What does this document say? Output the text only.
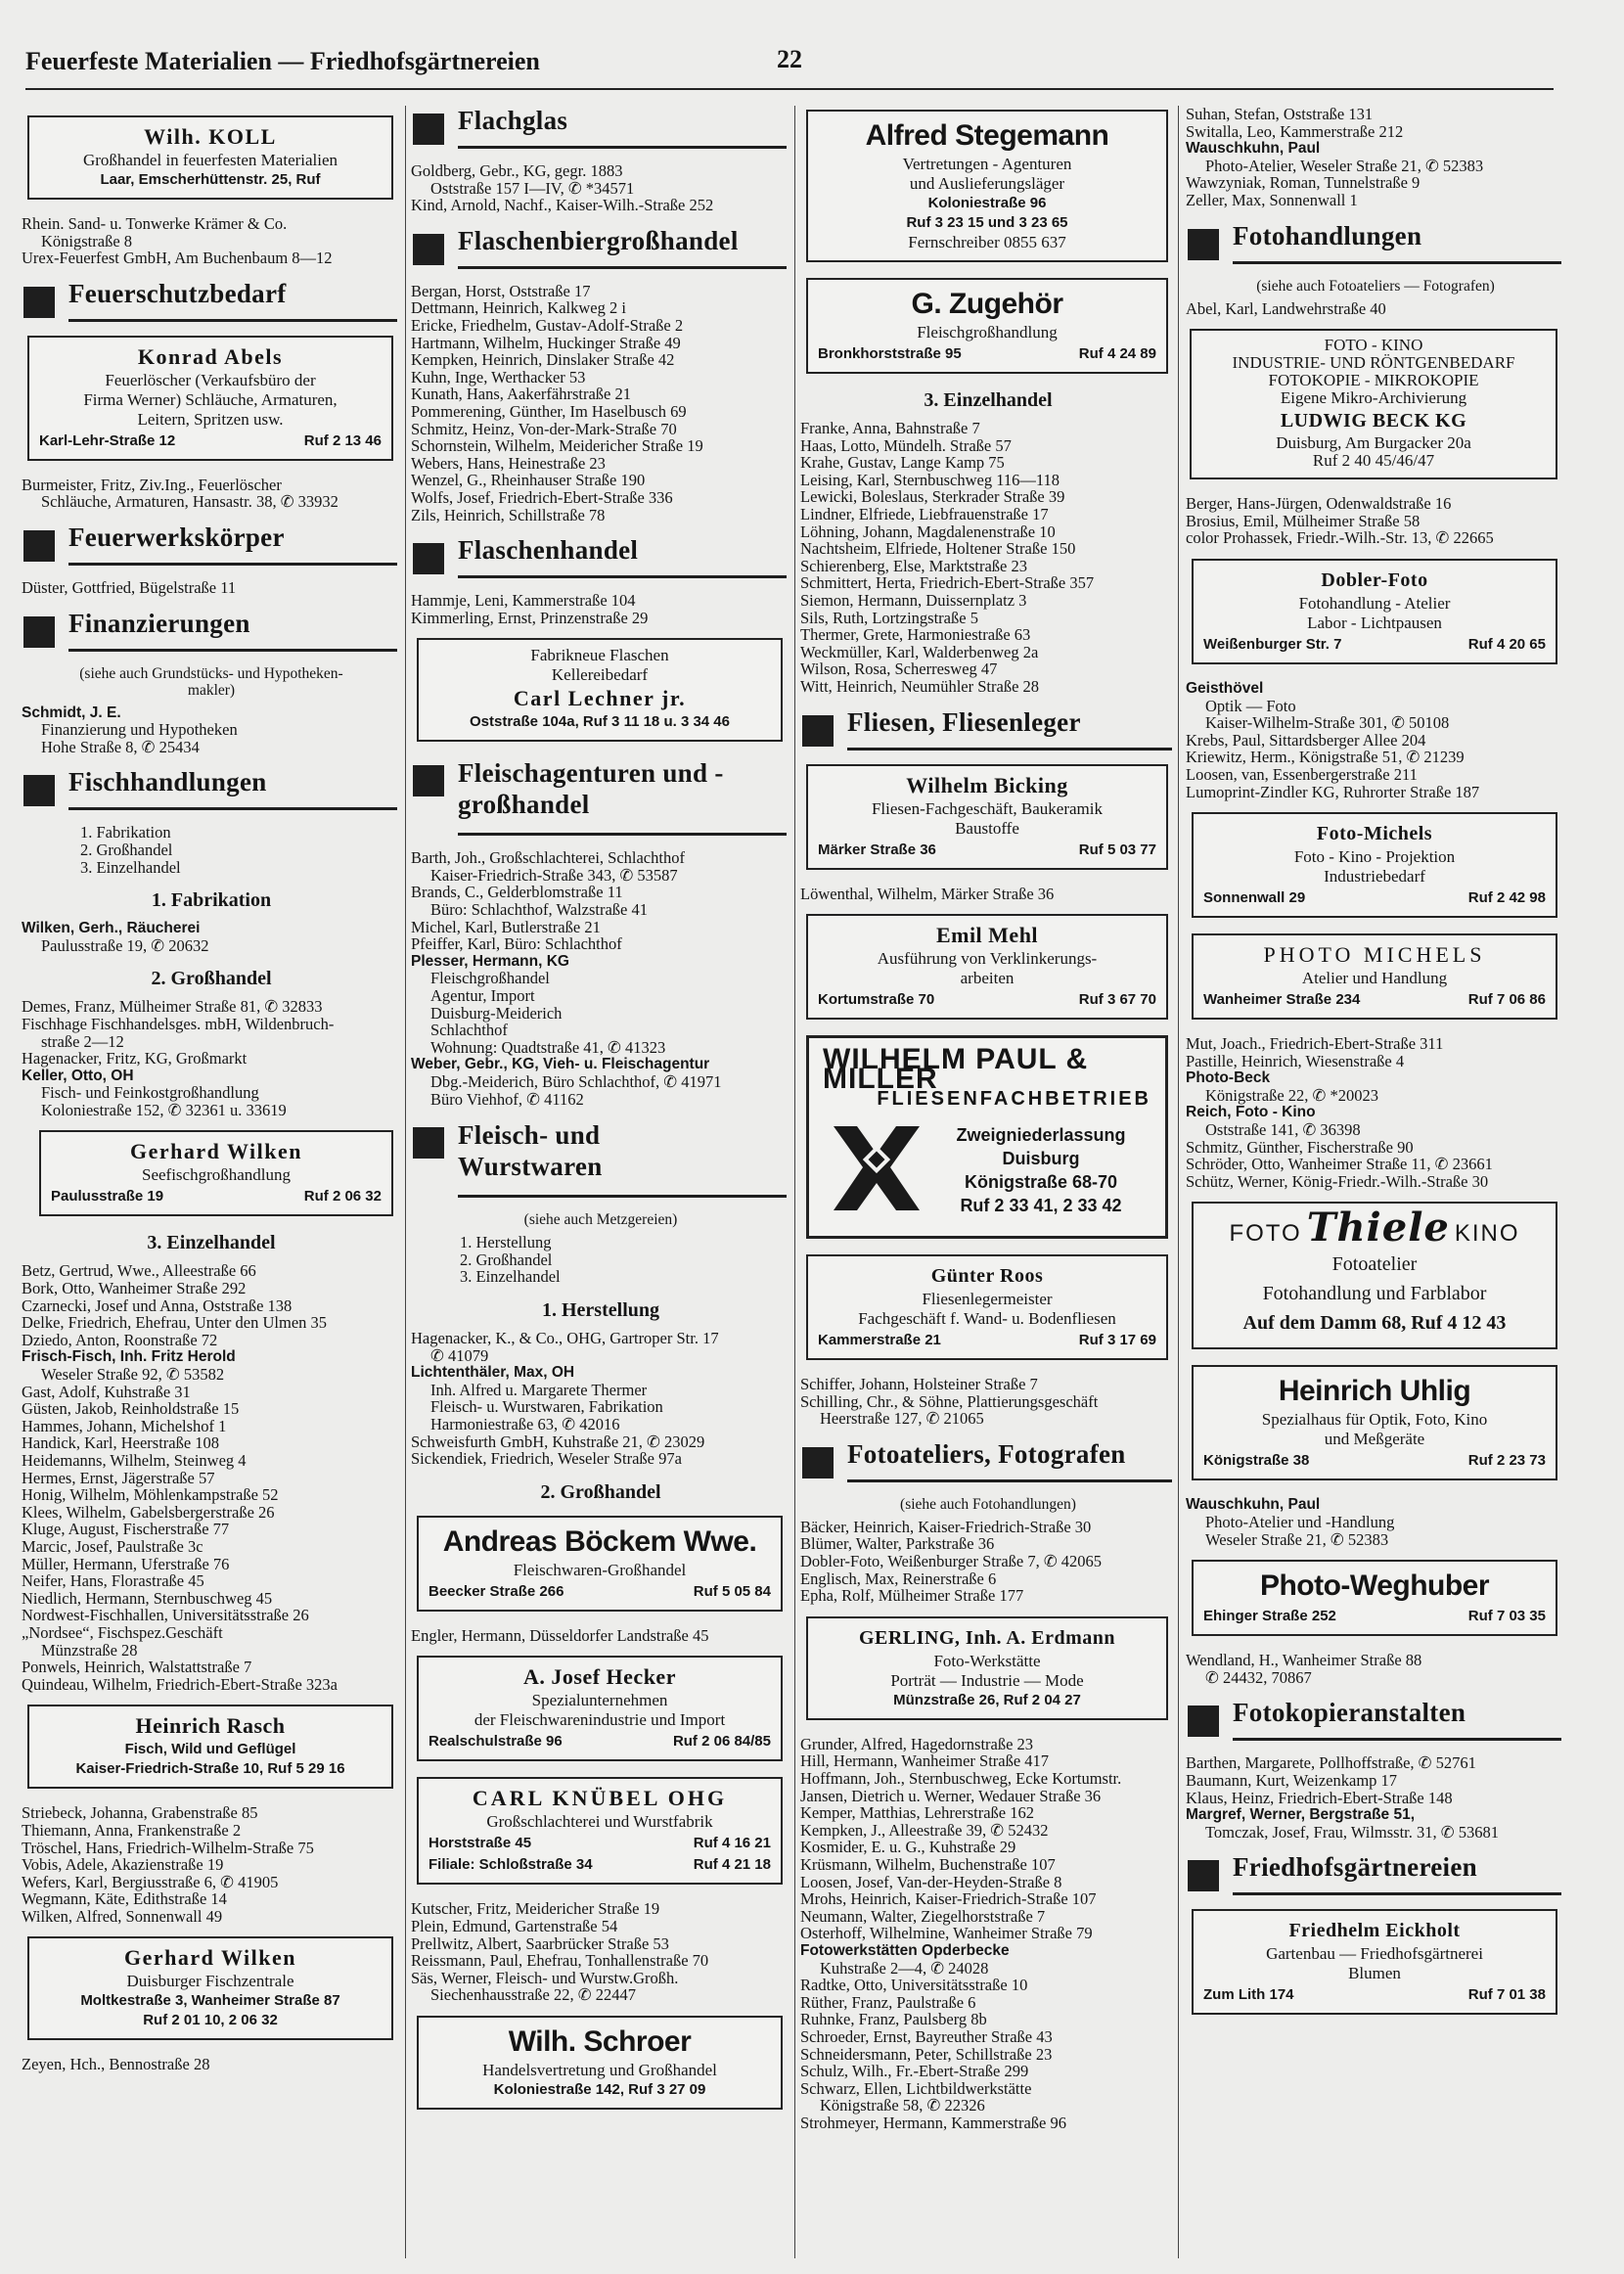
Feuerfeste Materialien — Friedhofsgärtnereien	22
Wilh. KOLL
Großhandel in feuerfesten Materialien
Laar, Emscherhüttenstr. 25, Ruf
Rhein. Sand- u. Tonwerke Krämer & Co.
Königstraße 8
Urex-Feuerfest GmbH, Am Buchenbaum 8—12
Feuerschutzbedarf
Konrad Abels
Feuerlöscher (Verkaufsbüro der
Firma Werner) Schläuche, Armaturen,
Leitern, Spritzen usw.
Karl-Lehr-Straße 12	Ruf 2 13 46
Burmeister, Fritz, Ziv.Ing., Feuerlöscher
Schläuche, Armaturen, Hansastr. 38, ✆ 33932
Feuerwerkskörper
Düster, Gottfried, Bügelstraße 11
Finanzierungen
(siehe auch Grundstücks- und Hypotheken-
makler)
Schmidt, J. E.
Finanzierung und Hypotheken
Hohe Straße 8, ✆ 25434
Fischhandlungen
1. Fabrikation
2. Großhandel
3. Einzelhandel
1. Fabrikation
Wilken, Gerh., Räucherei
Paulusstraße 19, ✆ 20632
2. Großhandel
Demes, Franz, Mülheimer Straße 81, ✆ 32833
Fischhage Fischhandelsges. mbH, Wildenbruch-
straße 2—12
Hagenacker, Fritz, KG, Großmarkt
Keller, Otto, OH
Fisch- und Feinkostgroßhandlung
Koloniestraße 152, ✆ 32361 u. 33619
Gerhard Wilken
Seefischgroßhandlung
Paulusstraße 19	Ruf 2 06 32
3. Einzelhandel
Betz, Gertrud, Wwe., Alleestraße 66
Bork, Otto, Wanheimer Straße 292
Czarnecki, Josef und Anna, Oststraße 138
Delke, Friedrich, Ehefrau, Unter den Ulmen 35
Dziedo, Anton, Roonstraße 72
Frisch-Fisch, Inh. Fritz Herold
Weseler Straße 92, ✆ 53582
Gast, Adolf, Kuhstraße 31
Güsten, Jakob, Reinholdstraße 15
Hammes, Johann, Michelshof 1
Handick, Karl, Heerstraße 108
Heidemanns, Wilhelm, Steinweg 4
Hermes, Ernst, Jägerstraße 57
Honig, Wilhelm, Möhlenkampstraße 52
Klees, Wilhelm, Gabelsbergerstraße 26
Kluge, August, Fischerstraße 77
Marcic, Josef, Paulstraße 3c
Müller, Hermann, Uferstraße 76
Neifer, Hans, Florastraße 45
Niedlich, Hermann, Sternbuschweg 45
Nordwest-Fischhallen, Universitätsstraße 26
„Nordsee“, Fischspez.Geschäft
Münzstraße 28
Ponwels, Heinrich, Walstattstraße 7
Quindeau, Wilhelm, Friedrich-Ebert-Straße 323a
Heinrich Rasch
Fisch, Wild und Geflügel
Kaiser-Friedrich-Straße 10, Ruf 5 29 16
Striebeck, Johanna, Grabenstraße 85
Thiemann, Anna, Frankenstraße 2
Tröschel, Hans, Friedrich-Wilhelm-Straße 75
Vobis, Adele, Akazienstraße 19
Wefers, Karl, Bergiusstraße 6, ✆ 41905
Wegmann, Käte, Edithstraße 14
Wilken, Alfred, Sonnenwall 49
Gerhard Wilken
Duisburger Fischzentrale
Moltkestraße 3, Wanheimer Straße 87
Ruf 2 01 10, 2 06 32
Zeyen, Hch., Bennostraße 28
Flachglas
Goldberg, Gebr., KG, gegr. 1883
Oststraße 157 I—IV, ✆ *34571
Kind, Arnold, Nachf., Kaiser-Wilh.-Straße 252
Flaschenbiergroßhandel
Bergan, Horst, Oststraße 17
Dettmann, Heinrich, Kalkweg 2 i
Ericke, Friedhelm, Gustav-Adolf-Straße 2
Hartmann, Wilhelm, Huckinger Straße 49
Kempken, Heinrich, Dinslaker Straße 42
Kuhn, Inge, Werthacker 53
Kunath, Hans, Aakerfährstraße 21
Pommerening, Günther, Im Haselbusch 69
Schmitz, Heinz, Von-der-Mark-Straße 70
Schornstein, Wilhelm, Meidericher Straße 19
Webers, Hans, Heinestraße 23
Wenzel, G., Rheinhauser Straße 190
Wolfs, Josef, Friedrich-Ebert-Straße 336
Zils, Heinrich, Schillstraße 78
Flaschenhandel
Hammje, Leni, Kammerstraße 104
Kimmerling, Ernst, Prinzenstraße 29
Fabrikneue Flaschen
Kellereibedarf
Carl Lechner jr.
Oststraße 104a, Ruf 3 11 18 u. 3 34 46
Fleischagenturen und -großhandel
Barth, Joh., Großschlachterei, Schlachthof
Kaiser-Friedrich-Straße 343, ✆ 53587
Brands, C., Gelderblomstraße 11
Büro: Schlachthof, Walzstraße 41
Michel, Karl, Butlerstraße 21
Pfeiffer, Karl, Büro: Schlachthof
Plesser, Hermann, KG
Fleischgroßhandel
Agentur, Import
Duisburg-Meiderich
Schlachthof
Wohnung: Quadtstraße 41, ✆ 41323
Weber, Gebr., KG, Vieh- u. Fleischagentur
Dbg.-Meiderich, Büro Schlachthof, ✆ 41971
Büro Viehhof, ✆ 41162
Fleisch- und Wurstwaren
(siehe auch Metzgereien)
1. Herstellung
2. Großhandel
3. Einzelhandel
1. Herstellung
Hagenacker, K., & Co., OHG, Gartroper Str. 17
✆ 41079
Lichtenthäler, Max, OH
Inh. Alfred u. Margarete Thermer
Fleisch- u. Wurstwaren, Fabrikation
Harmoniestraße 63, ✆ 42016
Schweisfurth GmbH, Kuhstraße 21, ✆ 23029
Sickendiek, Friedrich, Weseler Straße 97a
2. Großhandel
Andreas Böckem Wwe.
Fleischwaren-Großhandel
Beecker Straße 266	Ruf 5 05 84
Engler, Hermann, Düsseldorfer Landstraße 45
A. Josef Hecker
Spezialunternehmen
der Fleischwarenindustrie und Import
Realschulstraße 96	Ruf 2 06 84/85
CARL KNÜBEL OHG
Großschlachterei und Wurstfabrik
Horststraße 45	Ruf 4 16 21
Filiale: Schloßstraße 34	Ruf 4 21 18
Kutscher, Fritz, Meidericher Straße 19
Plein, Edmund, Gartenstraße 54
Prellwitz, Albert, Saarbrücker Straße 53
Reissmann, Paul, Ehefrau, Tonhallenstraße 70
Säs, Werner, Fleisch- und Wurstw.Großh.
Siechenhausstraße 22, ✆ 22447
Wilh. Schroer
Handelsvertretung und Großhandel
Koloniestraße 142, Ruf 3 27 09
Alfred Stegemann
Vertretungen - Agenturen
und Auslieferungsläger
Koloniestraße 96
Ruf 3 23 15 und 3 23 65
Fernschreiber 0855 637
G. Zugehör
Fleischgroßhandlung
Bronkhorststraße 95	Ruf 4 24 89
3. Einzelhandel
Franke, Anna, Bahnstraße 7
Haas, Lotto, Mündelh. Straße 57
Krahe, Gustav, Lange Kamp 75
Leising, Karl, Sternbuschweg 116—118
Lewicki, Boleslaus, Sterkrader Straße 39
Lindner, Elfriede, Liebfrauenstraße 17
Löhning, Johann, Magdalenenstraße 10
Nachtsheim, Elfriede, Holtener Straße 150
Schierenberg, Else, Marktstraße 23
Schmittert, Herta, Friedrich-Ebert-Straße 357
Siemon, Hermann, Duissernplatz 3
Sils, Ruth, Lortzingstraße 5
Thermer, Grete, Harmoniestraße 63
Weckmüller, Karl, Walderbenweg 2a
Wilson, Rosa, Scherresweg 47
Witt, Heinrich, Neumühler Straße 28
Fliesen, Fliesenleger
Wilhelm Bicking
Fliesen-Fachgeschäft, Baukeramik
Baustoffe
Märker Straße 36	Ruf 5 03 77
Löwenthal, Wilhelm, Märker Straße 36
Emil Mehl
Ausführung von Verklinkerungs-
arbeiten
Kortumstraße 70	Ruf 3 67 70
WILHELM PAUL & MILLER
FLIESENFACHBETRIEB
Zweigniederlassung
Duisburg
Königstraße 68-70
Ruf 2 33 41, 2 33 42
Günter Roos
Fliesenlegermeister
Fachgeschäft f. Wand- u. Bodenfliesen
Kammerstraße 21	Ruf 3 17 69
Schiffer, Johann, Holsteiner Straße 7
Schilling, Chr., & Söhne, Plattierungsgeschäft
Heerstraße 127, ✆ 21065
Fotoateliers, Fotografen
(siehe auch Fotohandlungen)
Bäcker, Heinrich, Kaiser-Friedrich-Straße 30
Blümer, Walter, Parkstraße 36
Dobler-Foto, Weißenburger Straße 7, ✆ 42065
Englisch, Max, Reinerstraße 6
Epha, Rolf, Mülheimer Straße 177
GERLING, Inh. A. Erdmann
Foto-Werkstätte
Porträt — Industrie — Mode
Münzstraße 26, Ruf 2 04 27
Grunder, Alfred, Hagedornstraße 23
Hill, Hermann, Wanheimer Straße 417
Hoffmann, Joh., Sternbuschweg, Ecke Kortumstr.
Jansen, Dietrich u. Werner, Wedauer Straße 36
Kemper, Matthias, Lehrerstraße 162
Kempken, J., Alleestraße 39, ✆ 52432
Kosmider, E. u. G., Kuhstraße 29
Krüsmann, Wilhelm, Buchenstraße 107
Loosen, Josef, Van-der-Heyden-Straße 8
Mrohs, Heinrich, Kaiser-Friedrich-Straße 107
Neumann, Walter, Ziegelhorststraße 7
Osterhoff, Wilhelmine, Wanheimer Straße 79
Fotowerkstätten Opderbecke
Kuhstraße 2—4, ✆ 24028
Radtke, Otto, Universitätsstraße 10
Rüther, Franz, Paulstraße 6
Ruhnke, Franz, Paulsberg 8b
Schroeder, Ernst, Bayreuther Straße 43
Schneidersmann, Peter, Schillstraße 23
Schulz, Wilh., Fr.-Ebert-Straße 299
Schwarz, Ellen, Lichtbildwerkstätte
Königstraße 58, ✆ 22326
Strohmeyer, Hermann, Kammerstraße 96
Suhan, Stefan, Oststraße 131
Switalla, Leo, Kammerstraße 212
Wauschkuhn, Paul
Photo-Atelier, Weseler Straße 21, ✆ 52383
Wawzyniak, Roman, Tunnelstraße 9
Zeller, Max, Sonnenwall 1
Fotohandlungen
(siehe auch Fotoateliers — Fotografen)
Abel, Karl, Landwehrstraße 40
FOTO - KINO
INDUSTRIE- UND RÖNTGENBEDARF
FOTOKOPIE - MIKROKOPIE
Eigene Mikro-Archivierung
LUDWIG BECK KG
Duisburg, Am Burgacker 20a
Ruf 2 40 45/46/47
Berger, Hans-Jürgen, Odenwaldstraße 16
Brosius, Emil, Mülheimer Straße 58
color Prohassek, Friedr.-Wilh.-Str. 13, ✆ 22665
Dobler-Foto
Fotohandlung - Atelier
Labor - Lichtpausen
Weißenburger Str. 7	Ruf 4 20 65
Geisthövel
Optik — Foto
Kaiser-Wilhelm-Straße 301, ✆ 50108
Krebs, Paul, Sittardsberger Allee 204
Kriewitz, Herm., Königstraße 51, ✆ 21239
Loosen, van, Essenbergerstraße 211
Lumoprint-Zindler KG, Ruhrorter Straße 187
Foto-Michels
Foto - Kino - Projektion
Industriebedarf
Sonnenwall 29	Ruf 2 42 98
PHOTO MICHELS
Atelier und Handlung
Wanheimer Straße 234	Ruf 7 06 86
Mut, Joach., Friedrich-Ebert-Straße 311
Pastille, Heinrich, Wiesenstraße 4
Photo-Beck
Königstraße 22, ✆ *20023
Reich, Foto - Kino
Oststraße 141, ✆ 36398
Schmitz, Günther, Fischerstraße 90
Schröder, Otto, Wanheimer Straße 11, ✆ 23661
Schütz, Werner, König-Friedr.-Wilh.-Straße 30
FOTO Thiele KINO
Fotoatelier
Fotohandlung und Farblabor
Auf dem Damm 68, Ruf 4 12 43
Heinrich Uhlig
Spezialhaus für Optik, Foto, Kino
und Meßgeräte
Königstraße 38	Ruf 2 23 73
Wauschkuhn, Paul
Photo-Atelier und -Handlung
Weseler Straße 21, ✆ 52383
Photo-Weghuber
Ehinger Straße 252	Ruf 7 03 35
Wendland, H., Wanheimer Straße 88
✆ 24432, 70867
Fotokopieranstalten
Barthen, Margarete, Pollhoffstraße, ✆ 52761
Baumann, Kurt, Weizenkamp 17
Klaus, Heinz, Friedrich-Ebert-Straße 148
Margref, Werner, Bergstraße 51,
Tomczak, Josef, Frau, Wilmsstr. 31, ✆ 53681
Friedhofsgärtnereien
Friedhelm Eickholt
Gartenbau — Friedhofsgärtnerei
Blumen
Zum Lith 174	Ruf 7 01 38
